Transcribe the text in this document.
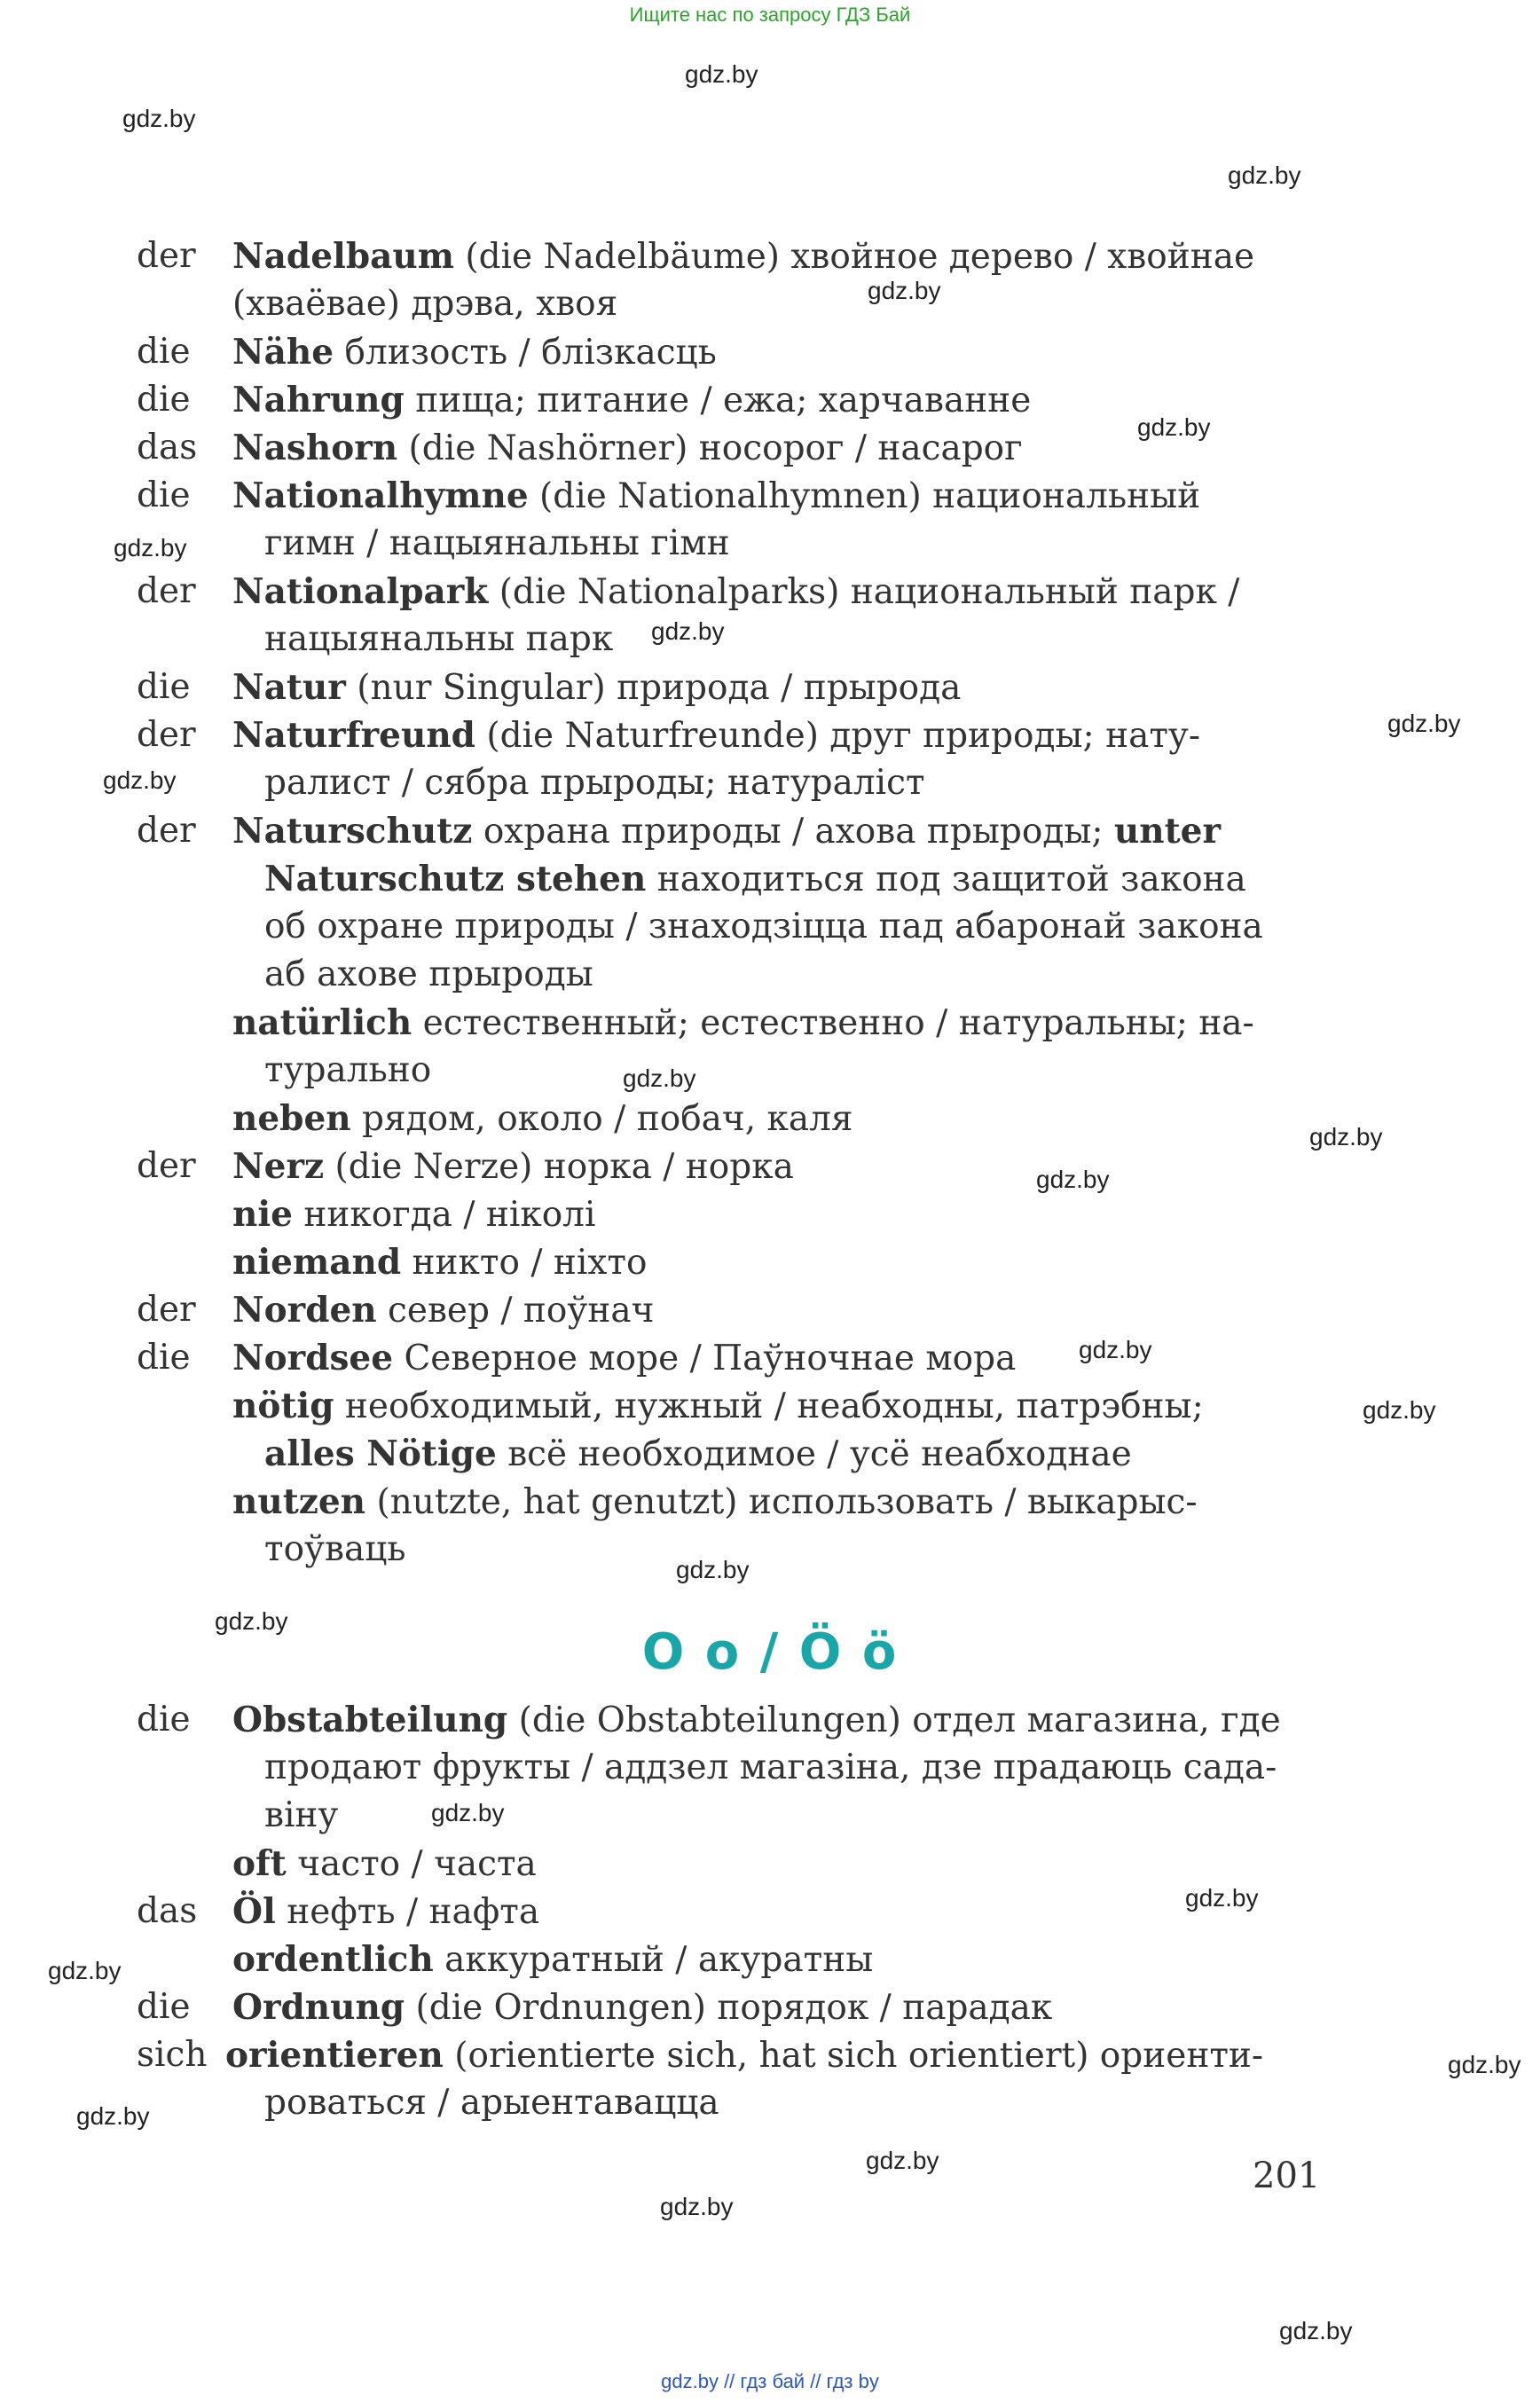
Ищите нас по запросу ГДЗ Бай
gdz.by
gdz.by
gdz.by
gdz.by
gdz.by
gdz.by
gdz.by
gdz.by
gdz.by
gdz.by
gdz.by
gdz.by
gdz.by
gdz.by
gdz.by
gdz.by
gdz.by
gdz.by
gdz.by
gdz.by
gdz.by
gdz.by
gdz.by
gdz.by
der Nadelbaum (die Nadelbäume) хвойное дерево / хвойнае
(хваёвае) дрэва, хвоя
die Nähe близость / блізкасць
die Nahrung пища; питание / ежа; харчаванне
das Nashorn (die Nashörner) носорог / насарог
die Nationalhymne (die Nationalhymnen) национальный
гимн / нацыянальны гімн
der Nationalpark (die Nationalparks) национальный парк /
нацыянальны парк
die Natur (nur Singular) природа / прырода
der Naturfreund (die Naturfreunde) друг природы; нату-
ралист / сябра прыроды; натураліст
der Naturschutz охрана природы / ахова прыроды; unter
Naturschutz stehen находиться под защитой закона
об охране природы / знаходзіцца пад абаронай закона
аб ахове прыроды
natürlich естественный; естественно / натуральны; на-
турально
neben рядом, около / побач, каля
der Nerz (die Nerze) норка / норка
nie никогда / ніколі
niemand никто / ніхто
der Norden север / поўнач
die Nordsee Северное море / Паўночнае мора
nötig необходимый, нужный / неабходны, патрэбны;
alles Nötige всё необходимое / усё неабходнае
nutzen (nutzte, hat genutzt) использовать / выкарыс-
тоўваць
die Obstabteilung (die Obstabteilungen) отдел магазина, где
продают фрукты / аддзел магазіна, дзе прадаюць сада-
віну
oft часто / часта
das Öl нефть / нафта
ordentlich аккуратный / акуратны
die Ordnung (die Ordnungen) порядок / парадак
sich orientieren (orientierte sich, hat sich orientiert) ориенти-
роваться / арыентавацца
O o / Ö ö
201
gdz.by // гдз бай // гдз by
